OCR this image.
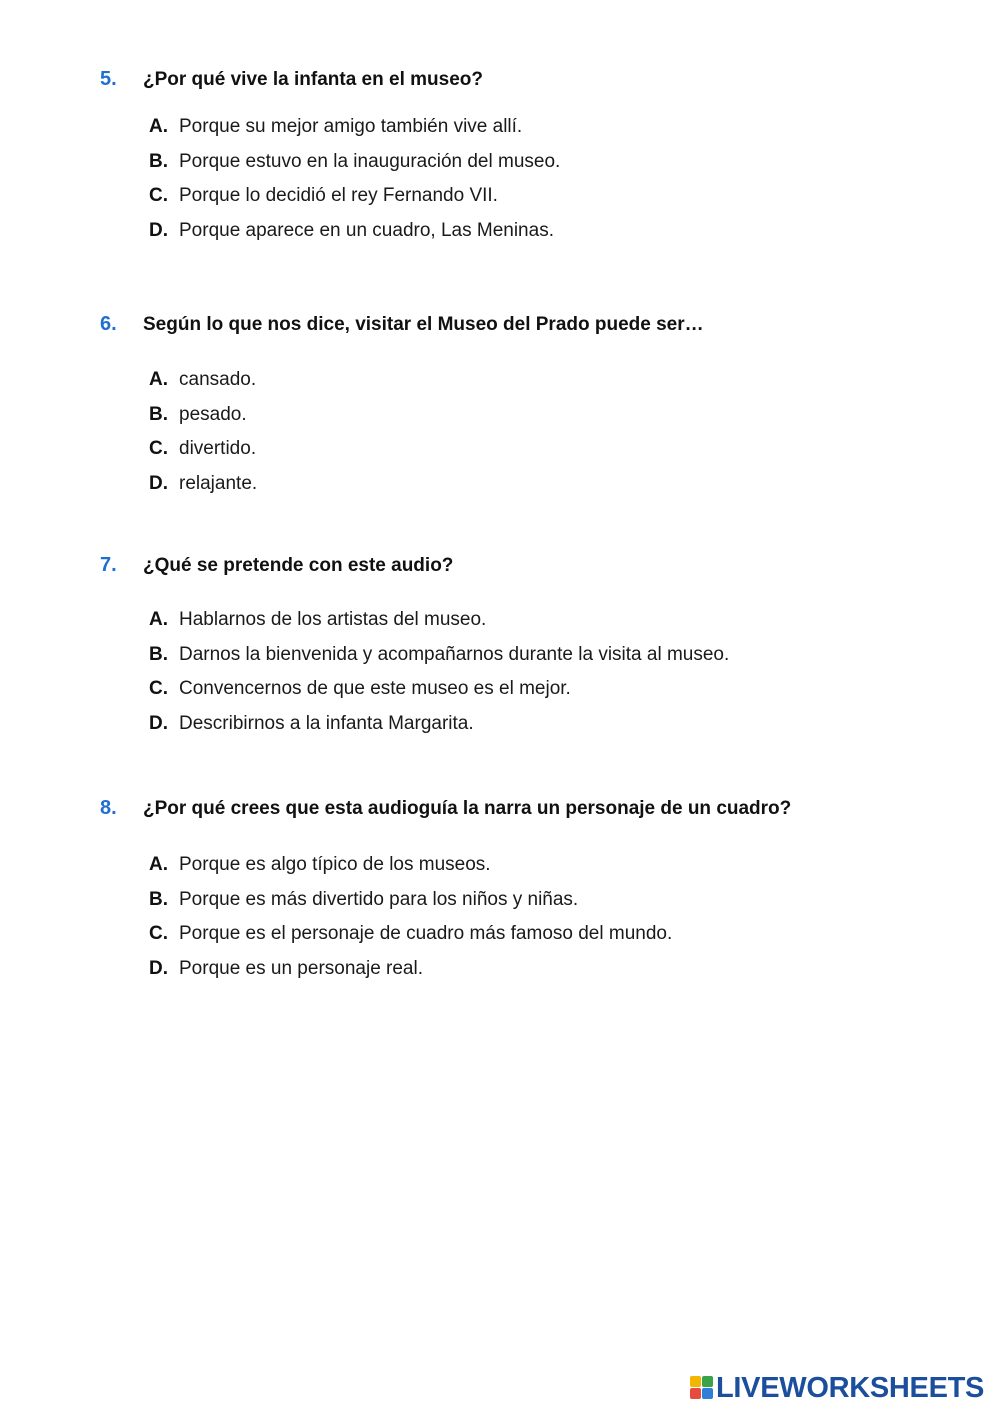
5. ¿Por qué vive la infanta en el museo?
A. Porque su mejor amigo también vive allí.
B. Porque estuvo en la inauguración del museo.
C. Porque lo decidió el rey Fernando VII.
D. Porque aparece en un cuadro, Las Meninas.
6. Según lo que nos dice, visitar el Museo del Prado puede ser…
A. cansado.
B. pesado.
C. divertido.
D. relajante.
7. ¿Qué se pretende con este audio?
A. Hablarnos de los artistas del museo.
B. Darnos la bienvenida y acompañarnos durante la visita al museo.
C. Convencernos de que este museo es el mejor.
D. Describirnos a la infanta Margarita.
8. ¿Por qué crees que esta audioguía la narra un personaje de un cuadro?
A. Porque es algo típico de los museos.
B. Porque es más divertido para los niños y niñas.
C. Porque es el personaje de cuadro más famoso del mundo.
D. Porque es un personaje real.
LIVEWORKSHEETS
